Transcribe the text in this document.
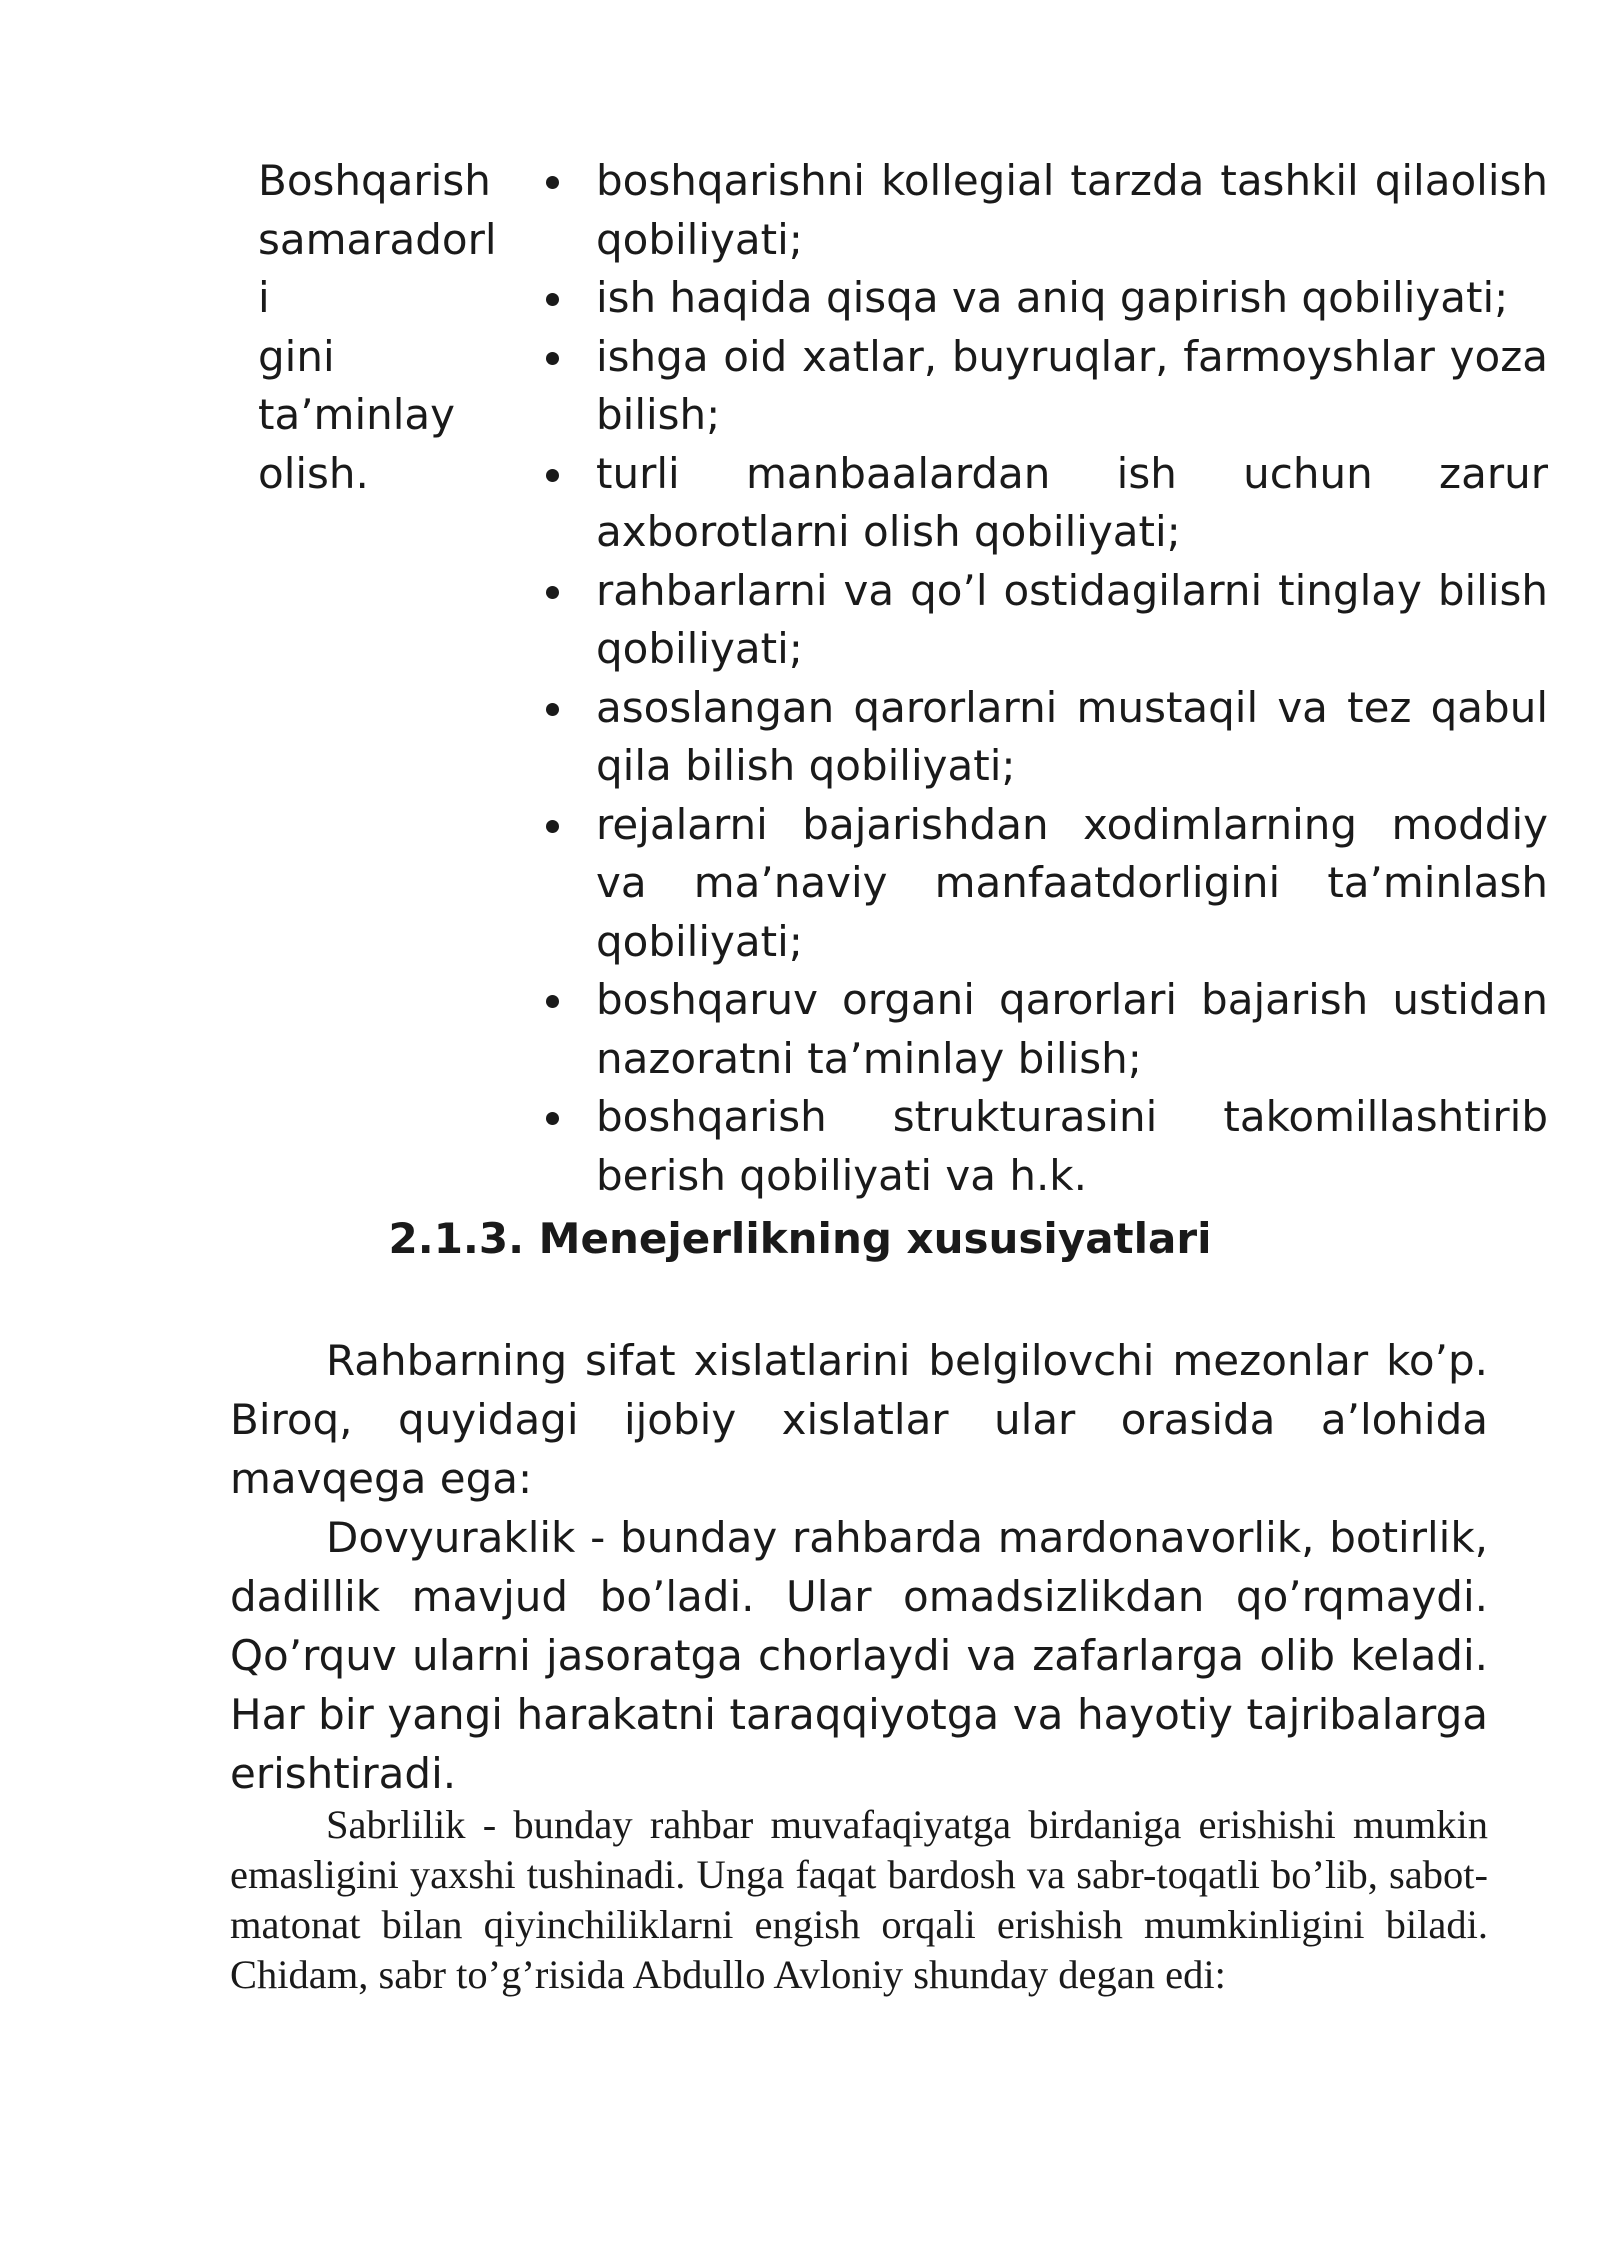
Boshqarish
samaradorli
gini
ta’minlay
olish.
boshqarishni kollegial tarzda tashkil qilaolish qobiliyati;
ish haqida qisqa va aniq gapirish qobiliyati;
ishga oid xatlar, buyruqlar, farmoyshlar yoza bilish;
turli manbaalardan ish uchun zarur axborotlarni olish qobiliyati;
rahbarlarni va qo’l ostidagilarni tinglay bilish qobiliyati;
asoslangan qarorlarni mustaqil va tez qabul qila bilish qobiliyati;
rejalarni bajarishdan xodimlarning moddiy va ma’naviy manfaatdorligini ta’minlash qobiliyati;
boshqaruv organi qarorlari bajarish ustidan nazoratni ta’minlay bilish;
boshqarish strukturasini takomillashtirib berish qobiliyati va h.k.
2.1.3. Menejerlikning xususiyatlari

Rahbarning sifat xislatlarini belgilovchi mezonlar ko’p. Biroq, quyidagi ijobiy xislatlar ular orasida a’lohida mavqega ega:

Dovyuraklik - bunday rahbarda mardonavorlik, botirlik, dadillik mavjud bo’ladi. Ular omadsizlikdan qo’rqmaydi. Qo’rquv ularni jasoratga chorlaydi va zafarlarga olib keladi. Har bir yangi harakatni taraqqiyotga va hayotiy tajribalarga erishtiradi.

Sabrlilik - bunday rahbar muvafaqiyatga birdaniga erishishi mumkin emasligini yaxshi tushinadi. Unga faqat bardosh va sabr-toqatli bo’lib, sabot-matonat bilan qiyinchiliklarni engish orqali erishish mumkinligini biladi. Chidam, sabr to’g’risida Abdullo Avloniy shunday degan edi:
